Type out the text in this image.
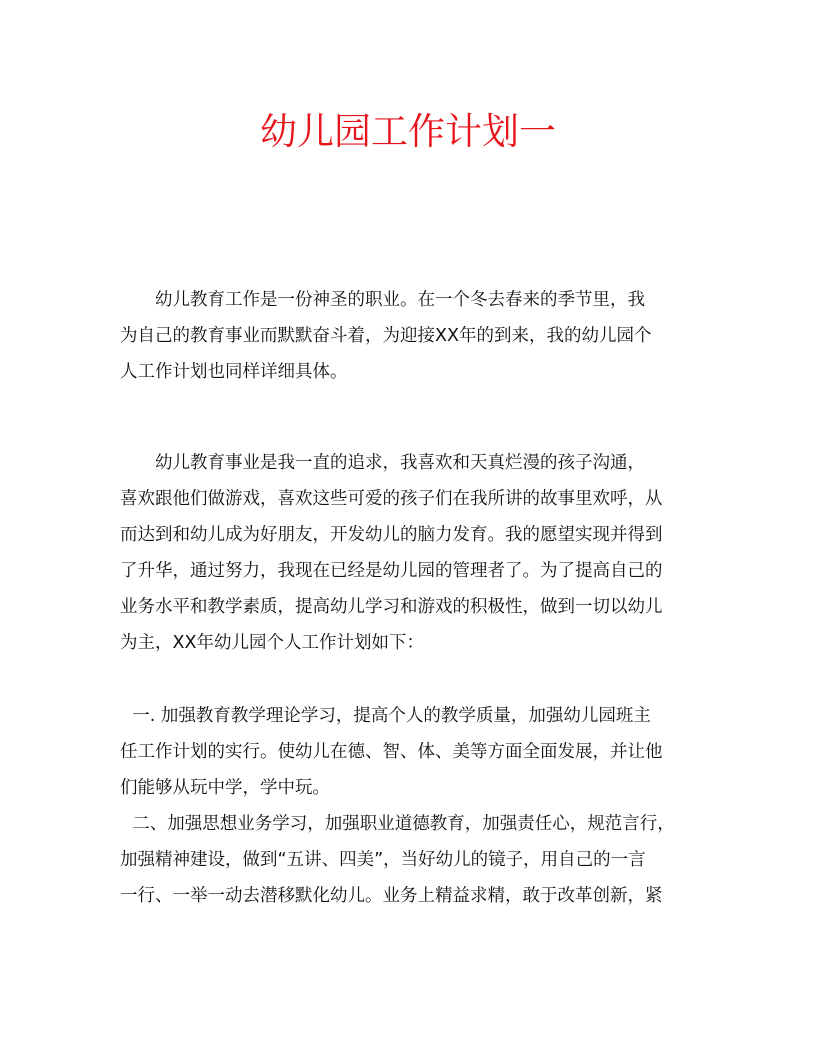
幼儿园工作计划一
幼儿教育工作是一份神圣的职业。在一个冬去春来的季节里，我
为自己的教育事业而默默奋斗着，为迎接XX年的到来，我的幼儿园个
人工作计划也同样详细具体。
幼儿教育事业是我一直的追求，我喜欢和天真烂漫的孩子沟通，
喜欢跟他们做游戏，喜欢这些可爱的孩子们在我所讲的故事里欢呼，从
而达到和幼儿成为好朋友，开发幼儿的脑力发育。我的愿望实现并得到
了升华，通过努力，我现在已经是幼儿园的管理者了。为了提高自己的
业务水平和教学素质，提高幼儿学习和游戏的积极性，做到一切以幼儿
为主，XX年幼儿园个人工作计划如下：
一. 加强教育教学理论学习，提高个人的教学质量，加强幼儿园班主
任工作计划的实行。使幼儿在德、智、体、美等方面全面发展，并让他
们能够从玩中学，学中玩。
二、加强思想业务学习，加强职业道德教育，加强责任心，规范言行，
加强精神建设，做到“五讲、四美”，当好幼儿的镜子，用自己的一言
一行、一举一动去潜移默化幼儿。业务上精益求精，敢于改革创新，紧
